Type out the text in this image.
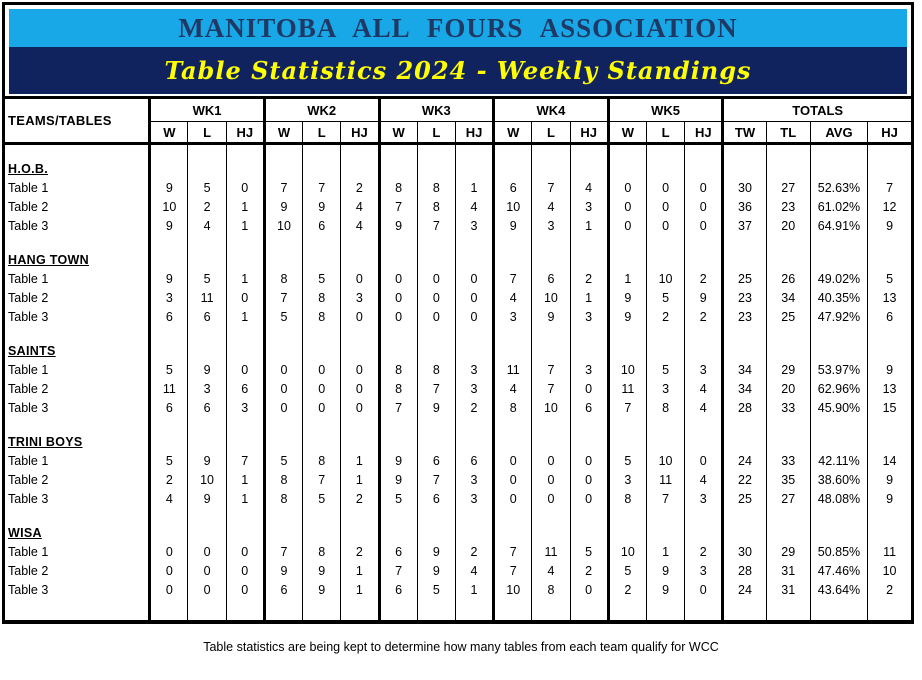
MANITOBA ALL FOURS ASSOCIATION
Table Statistics 2024 - Weekly Standings
TEAMS/TABLES	WK1			WK2			WK3			WK4			WK5			TOTALS			
	W	L	HJ	W	L	HJ	W	L	HJ	W	L	HJ	W	L	HJ	TW	TL	AVG	HJ

H.O.B.																			
Table 1	9	5	0	7	7	2	8	8	1	6	7	4	0	0	0	30	27	52.63%	7
Table 2	10	2	1	9	9	4	7	8	4	10	4	3	0	0	0	36	23	61.02%	12
Table 3	9	4	1	10	6	4	9	7	3	9	3	1	0	0	0	37	20	64.91%	9

HANG TOWN																			
Table 1	9	5	1	8	5	0	0	0	0	7	6	2	1	10	2	25	26	49.02%	5
Table 2	3	11	0	7	8	3	0	0	0	4	10	1	9	5	9	23	34	40.35%	13
Table 3	6	6	1	5	8	0	0	0	0	3	9	3	9	2	2	23	25	47.92%	6

SAINTS																			
Table 1	5	9	0	0	0	0	8	8	3	11	7	3	10	5	3	34	29	53.97%	9
Table 2	11	3	6	0	0	0	8	7	3	4	7	0	11	3	4	34	20	62.96%	13
Table 3	6	6	3	0	0	0	7	9	2	8	10	6	7	8	4	28	33	45.90%	15

TRINI BOYS																			
Table 1	5	9	7	5	8	1	9	6	6	0	0	0	5	10	0	24	33	42.11%	14
Table 2	2	10	1	8	7	1	9	7	3	0	0	0	3	11	4	22	35	38.60%	9
Table 3	4	9	1	8	5	2	5	6	3	0	0	0	8	7	3	25	27	48.08%	9

WISA																			
Table 1	0	0	0	7	8	2	6	9	2	7	11	5	10	1	2	30	29	50.85%	11
Table 2	0	0	0	9	9	1	7	9	4	7	4	2	5	9	3	28	31	47.46%	10
Table 3	0	0	0	6	9	1	6	5	1	10	8	0	2	9	0	24	31	43.64%	2

Table statistics are being kept to determine how many tables from each team qualify for WCC
